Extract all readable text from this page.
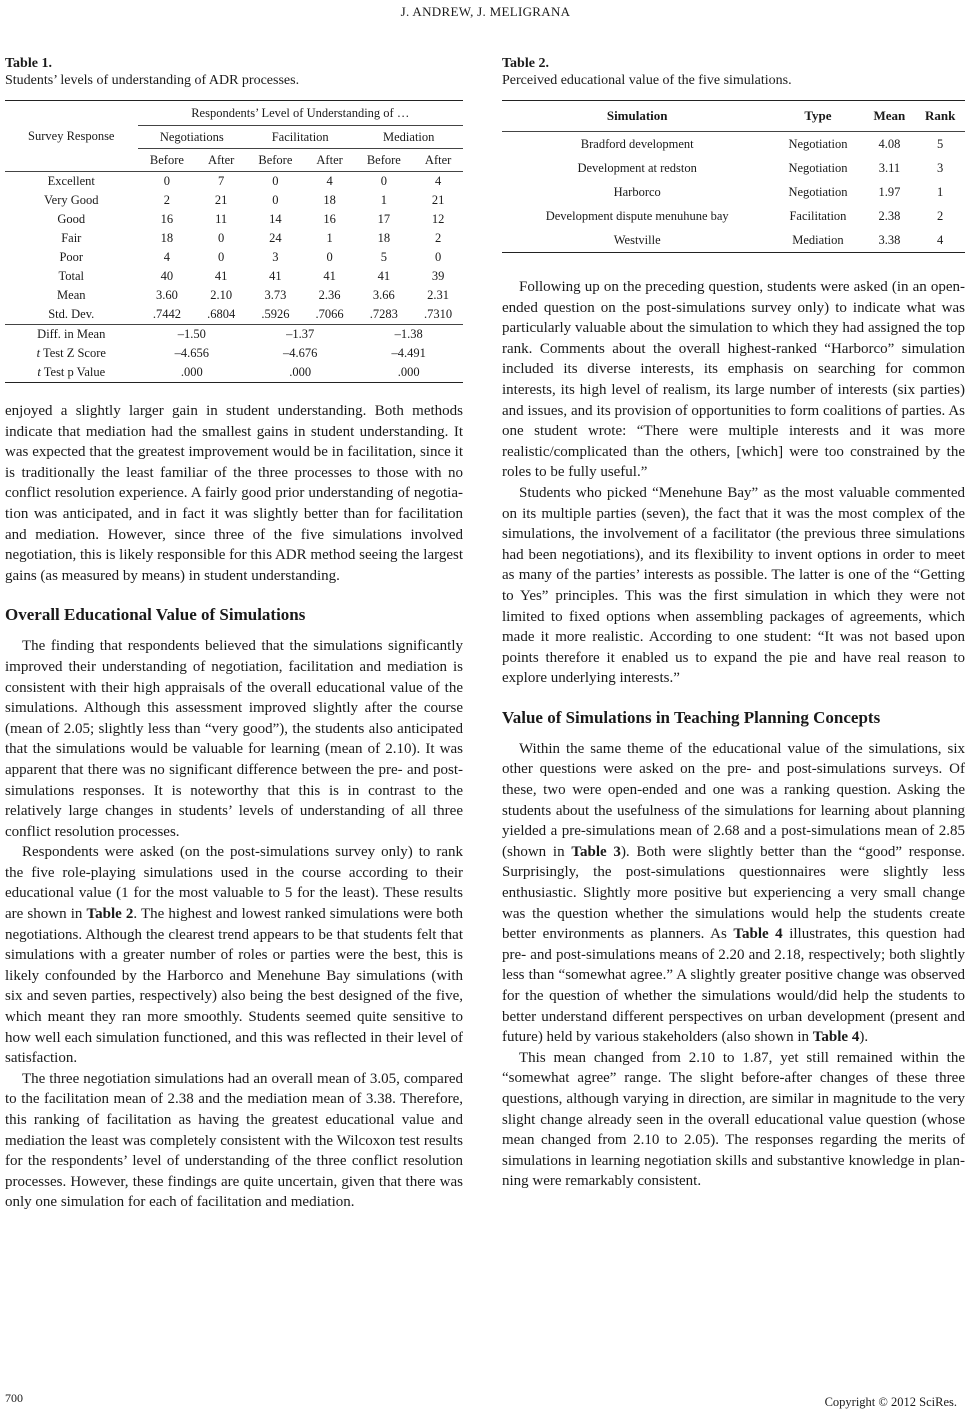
J. ANDREW, J. MELIGRANA
Table 1.
Students’ levels of understanding of ADR processes.
Survey Response	Respondents’ Level of Understanding of …					
	Negotiations		Facilitation		Mediation	
	Before	After	Before	After	Before	After
Excellent	0	7	0	4	0	4
Very Good	2	21	0	18	1	21
Good	16	11	14	16	17	12
Fair	18	0	24	1	18	2
Poor	4	0	3	0	5	0
Total	40	41	41	41	41	39
Mean	3.60	2.10	3.73	2.36	3.66	2.31
Std. Dev.	.7442	.6804	.5926	.7066	.7283	.7310
Diff. in Mean	–1.50		–1.37		–1.38	
t Test Z Score	–4.656		–4.676		–4.491	
t Test p Value	.000		.000		.000	

enjoyed a slightly larger gain in student understanding. Both methods indicate that mediation had the smallest gains in student understanding. It was expected that the greatest improvement would be in facilitation, since it is traditionally the least familiar of the three processes to those with no conflict resolution experience. A fairly good prior understanding of negotiation was anticipated, and in fact it was slightly better than for facilitation and mediation. However, since three of the five simulations involved negotiation, this is likely responsible for this ADR method seeing the largest gains (as measured by means) in student understanding.

Overall Educational Value of Simulations

The finding that respondents believed that the simulations significantly improved their understanding of negotiation, facilitation and mediation is consistent with their high appraisals of the overall educational value of the simulations. Although this assessment improved slightly after the course (mean of 2.05; slightly less than “very good”), the students also anticipated that the simulations would be valuable for learning (mean of 2.10). It was apparent that there was no significant difference between the pre- and post-simulations responses. It is noteworthy that this is in contrast to the relatively large changes in students’ levels of understanding of all three conflict resolution processes.

Respondents were asked (on the post-simulations survey only) to rank the five role-playing simulations used in the course according to their educational value (1 for the most valuable to 5 for the least). These results are shown in Table 2. The highest and lowest ranked simulations were both negotiations. Although the clearest trend appears to be that students felt that simulations with a greater number of roles or parties were the best, this is likely confounded by the Harborco and Menehune Bay simulations (with six and seven parties, respectively) also being the best designed of the five, which meant they ran more smoothly. Students seemed quite sensitive to how well each simulation functioned, and this was reflected in their level of satisfaction.

The three negotiation simulations had an overall mean of 3.05, compared to the facilitation mean of 2.38 and the mediation mean of 3.38. Therefore, this ranking of facilitation as having the greatest educational value and mediation the least was completely consistent with the Wilcoxon test results for the respondents’ level of understanding of the three conflict resolution processes. However, these findings are quite uncertain, given that there was only one simulation for each of facilitation and mediation.

Table 2.
Perceived educational value of the five simulations.
Simulation	Type	Mean	Rank
Bradford development	Negotiation	4.08	5
Development at redston	Negotiation	3.11	3
Harborco	Negotiation	1.97	1
Development dispute menuhune bay	Facilitation	2.38	2
Westville	Mediation	3.38	4

Following up on the preceding question, students were asked (in an open-ended question on the post-simulations survey only) to indicate what was particularly valuable about the simulation to which they had assigned the top rank. Comments about the overall highest-ranked “Harborco” simulation included its diverse interests, its emphasis on searching for common interests, its high level of realism, its large number of interests (six parties) and issues, and its provision of opportunities to form coalitions of parties. As one student wrote: “There were multiple interests and it was more realistic/complicated than the others, [which] were too constrained by the roles to be fully useful.”

Students who picked “Menehune Bay” as the most valuable commented on its multiple parties (seven), the fact that it was the most complex of the simulations, the involvement of a facilitator (the previous three simulations had been negotiations), and its flexibility to invent options in order to meet as many of the parties’ interests as possible. The latter is one of the “Getting to Yes” principles. This was the first simulation in which they were not limited to fixed options when assembling packages of agreements, which made it more realistic. According to one student: “It was not based upon points therefore it enabled us to expand the pie and have real reason to explore underlying interests.”

Value of Simulations in Teaching Planning Concepts

Within the same theme of the educational value of the simulations, six other questions were asked on the pre- and post-simulations surveys. Of these, two were open-ended and one was a ranking question. Asking the students about the usefulness of the simulations for learning about planning yielded a pre-simulations mean of 2.68 and a post-simulations mean of 2.85 (shown in Table 3). Both were slightly better than the “good” response. Surprisingly, the post-simulations questionnaires were slightly less enthusiastic. Slightly more positive but experiencing a very small change was the question whether the simulations would help the students create better environments as planners. As Table 4 illustrates, this question had pre- and post-simulations means of 2.20 and 2.18, respectively; both slightly less than “somewhat agree.” A slightly greater positive change was observed for the question of whether the simulations would/did help the students to better understand different perspectives on urban development (present and future) held by various stakeholders (also shown in Table 4).

This mean changed from 2.10 to 1.87, yet still remained within the “somewhat agree” range. The slight before-after changes of these three questions, although varying in direction, are similar in magnitude to the very slight change already seen in the overall educational value question (whose mean changed from 2.10 to 2.05). The responses regarding the merits of simulations in learning negotiation skills and substantive knowledge in planning were remarkably consistent.

700	Copyright © 2012 SciRes.
